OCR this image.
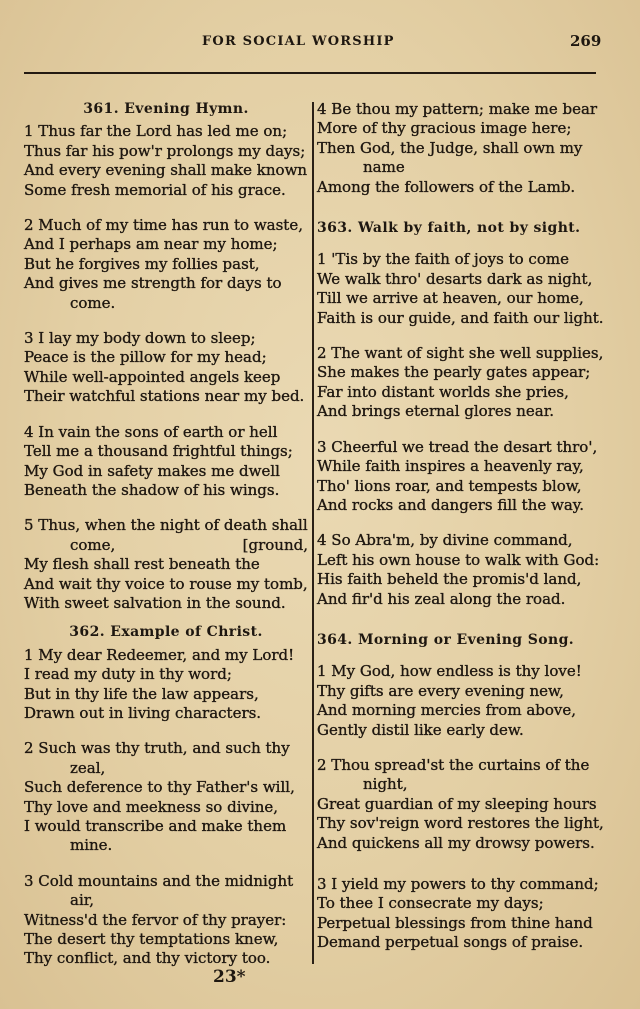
FOR SOCIAL WORSHIP	269
361. Evening Hymn.
1 Thus far the Lord has led me on;
Thus far his pow'r prolongs my days;
And every evening shall make known
Some fresh memorial of his grace.
2 Much of my time has run to waste,
And I perhaps am near my home;
But he forgives my follies past,
And gives me strength for days to
come.
3 I lay my body down to sleep;
Peace is the pillow for my head;
While well-appointed angels keep
Their watchful stations near my bed.
4 In vain the sons of earth or hell
Tell me a thousand frightful things;
My God in safety makes me dwell
Beneath the shadow of his wings.
5 Thus, when the night of death shall
come,	[ground,
My flesh shall rest beneath the
And wait thy voice to rouse my tomb,
With sweet salvation in the sound.
362. Example of Christ.
1 My dear Redeemer, and my Lord!
I read my duty in thy word;
But in thy life the law appears,
Drawn out in living characters.
2 Such was thy truth, and such thy
zeal,
Such deference to thy Father's will,
Thy love and meekness so divine,
I would transcribe and make them
mine.
3 Cold mountains and the midnight
air,
Witness'd the fervor of thy prayer:
The desert thy temptations knew,
Thy conflict, and thy victory too.
4 Be thou my pattern; make me bear
More of thy gracious image here;
Then God, the Judge, shall own my
name
Among the followers of the Lamb.
363. Walk by faith, not by sight.
1 'Tis by the faith of joys to come
We walk thro' desarts dark as night,
Till we arrive at heaven, our home,
Faith is our guide, and faith our light.
2 The want of sight she well supplies,
She makes the pearly gates appear;
Far into distant worlds she pries,
And brings eternal glores near.
3 Cheerful we tread the desart thro',
While faith inspires a heavenly ray,
Tho' lions roar, and tempests blow,
And rocks and dangers fill the way.
4 So Abra'm, by divine command,
Left his own house to walk with God:
His faith beheld the promis'd land,
And fir'd his zeal along the road.
364. Morning or Evening Song.
1 My God, how endless is thy love!
Thy gifts are every evening new,
And morning mercies from above,
Gently distil like early dew.
2 Thou spread'st the curtains of the
night,
Great guardian of my sleeping hours
Thy sov'reign word restores the light,
And quickens all my drowsy powers.
3 I yield my powers to thy command;
To thee I consecrate my days;
Perpetual blessings from thine hand
Demand perpetual songs of praise.
23*
